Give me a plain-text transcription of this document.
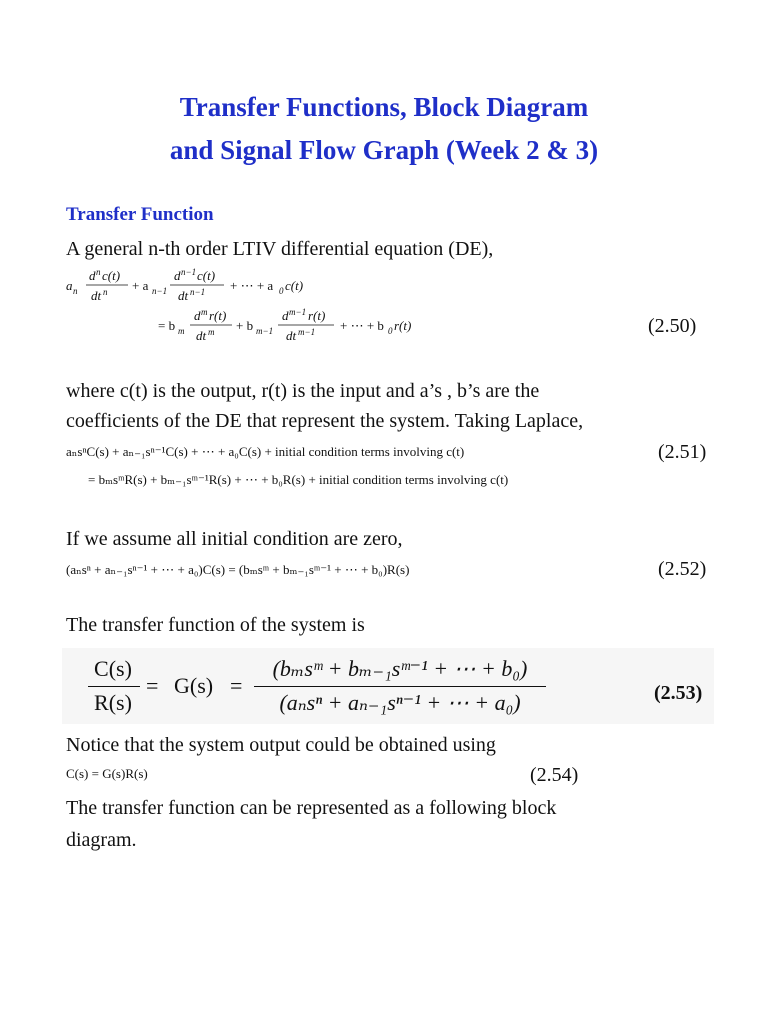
Transfer Functions, Block Diagram
and Signal Flow Graph (Week 2 & 3)
Transfer Function
A general n-th order LTIV differential equation (DE),
a n
d n c(t)
dt n + a n−1
d n−1 c(t)
dt n−1 + ⋯ + a 0 c(t)
= b m
d m r(t)
dt m + b m−1
d m−1 r(t)
dt m−1 + ⋯ + b 0 r(t)	(2.50)
where c(t) is the output, r(t) is the input and a’s , b’s are the
coefficients of the DE that represent the system. Taking Laplace,
aₙsⁿC(s) + aₙ₋₁sⁿ⁻¹C(s) + ⋯ + a₀C(s) + initial condition terms involving c(t)	(2.51)
= bₘsᵐR(s) + bₘ₋₁sᵐ⁻¹R(s) + ⋯ + b₀R(s) + initial condition terms involving c(t)
If we assume all initial condition are zero,
(aₙsⁿ + aₙ₋₁sⁿ⁻¹ + ⋯ + a₀)C(s) = (bₘsᵐ + bₘ₋₁sᵐ⁻¹ + ⋯ + b₀)R(s)	(2.52)
The transfer function of the system is
C(s)
R(s)
= G(s) =
(bₘsᵐ + bₘ₋₁sᵐ⁻¹ + ⋯ + b₀)
(aₙsⁿ + aₙ₋₁sⁿ⁻¹ + ⋯ + a₀)	(2.53)
Notice that the system output could be obtained using
C(s) = G(s)R(s)	(2.54)
The transfer function can be represented as a following block
diagram.
